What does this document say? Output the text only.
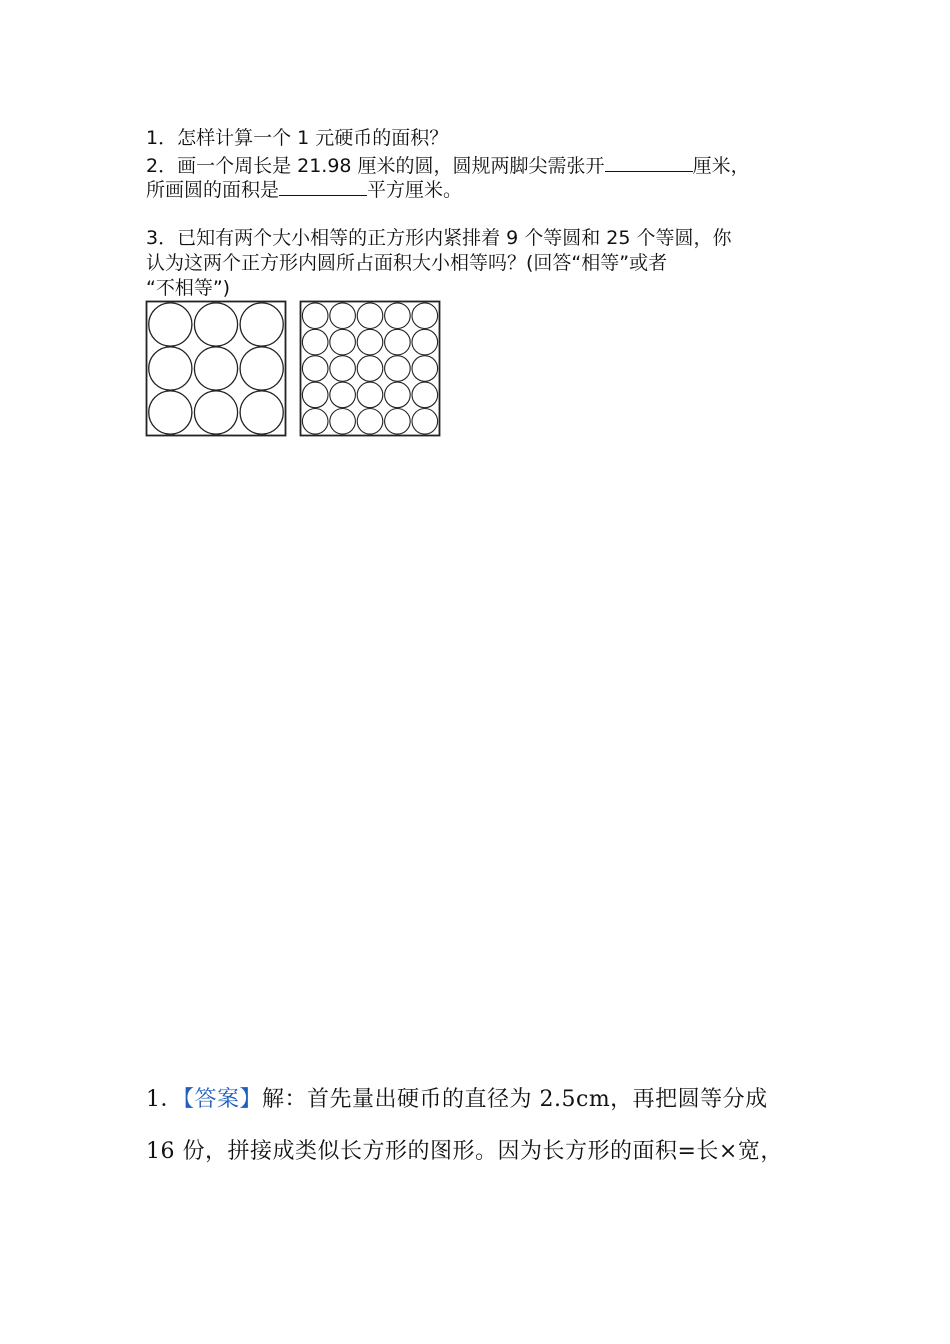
1．怎样计算一个 1 元硬币的面积？
2．画一个周长是 21.98 厘米的圆，圆规两脚尖需张开	厘米，
所画圆的面积是	平方厘米。
3．已知有两个大小相等的正方形内紧排着 9 个等圆和 25 个等圆，你
认为这两个正方形内圆所占面积大小相等吗？(回答“相等”或者
“不相等”)
1．【答案】解：首先量出硬币的直径为 2.5cm，再把圆等分成
16 份，拼接成类似长方形的图形。因为长方形的面积=长×宽，
